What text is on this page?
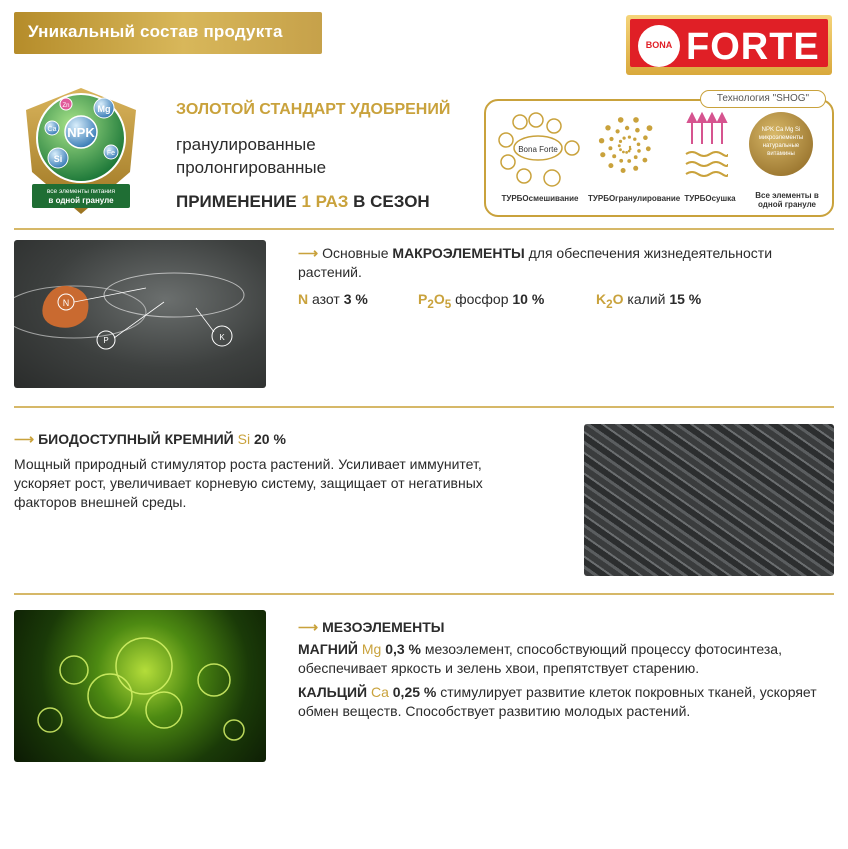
Уникальный состав продукта
BONA FORTE
NPK
Mg
Si
Ca
Fe
Zn
все элементы питания
в одной грануле
ЗОЛОТОЙ СТАНДАРТ УДОБРЕНИЙ
гранулированные
пролонгированные
ПРИМЕНЕНИЕ 1 РАЗ В СЕЗОН
Технология "SHOG"
Bona Forte
NPK Ca Mg Si микроэлементы натуральные витамины
ТУРБОсмешивание	ТУРБОгранулирование ТУРБОсушка	Все элементы в одной грануле
N
P	K
⟶ Основные МАКРОЭЛЕМЕНТЫ для обеспечения жизнедеятельности растений.
N азот 3 %	$P_2O_5$ фосфор 10 %	$K_2O$ калий 15 %
⟶ БИОДОСТУПНЫЙ КРЕМНИЙ Si 20 %
Мощный природный стимулятор роста растений. Усиливает иммунитет, ускоряет рост, увеличивает корневую систему, защищает от негативных факторов внешней среды.
⟶ МЕЗОЭЛЕМЕНТЫ
МАГНИЙ Mg 0,3 % мезоэлемент, способствующий процессу фотосинтеза, обеспечивает яркость и зелень хвои, препятствует старению.
КАЛЬЦИЙ Ca 0,25 % стимулирует развитие клеток покровных тканей, ускоряет обмен веществ. Способствует развитию молодых растений.
